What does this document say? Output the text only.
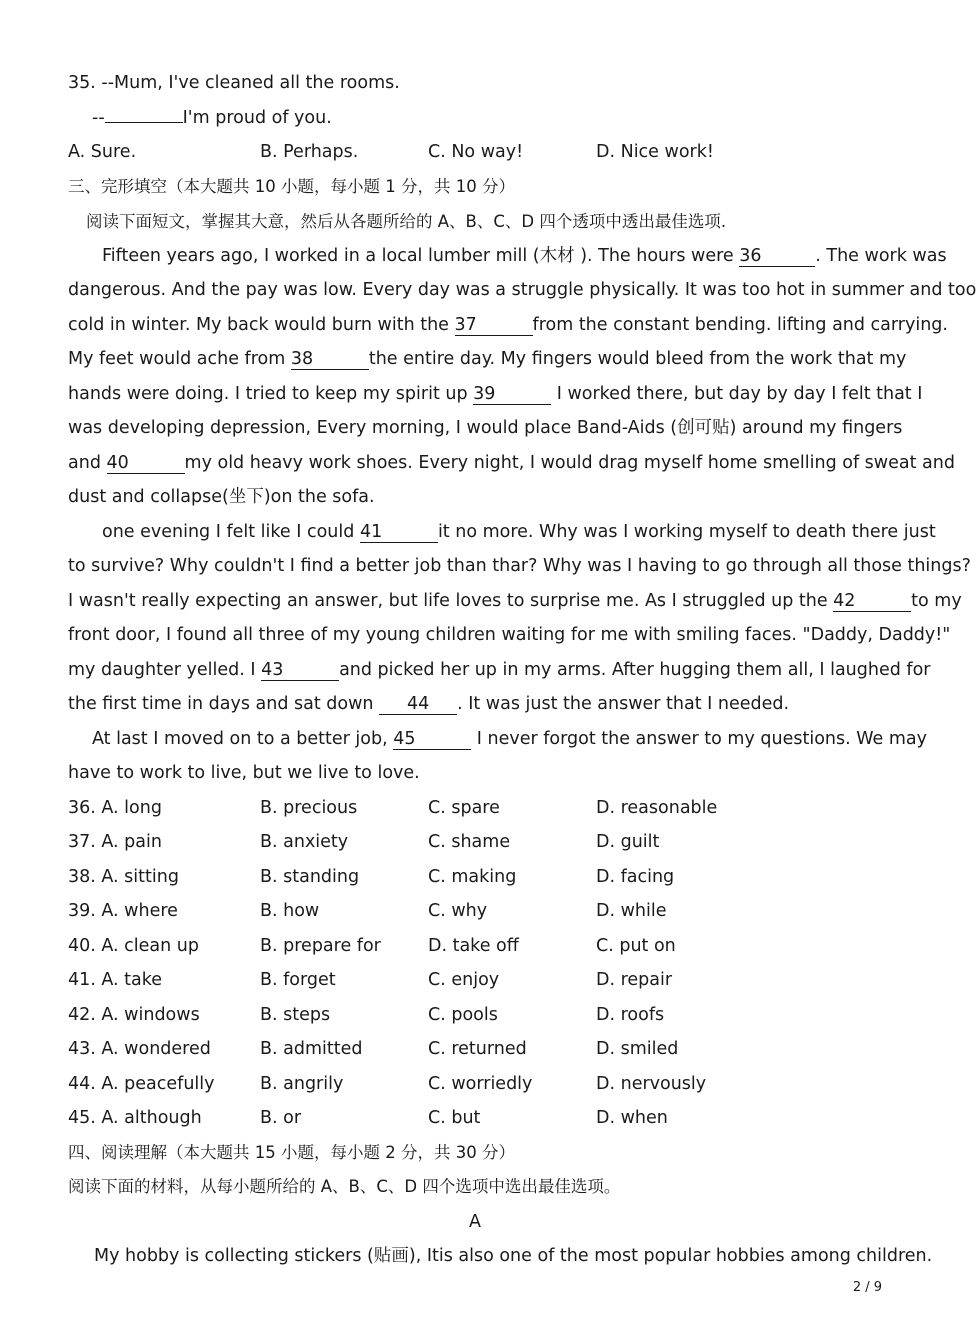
35. --Mum, I've cleaned all the rooms.
--	I'm proud of you.
A. Sure.	B. Perhaps.	C. No way!	D. Nice work!
三、完形填空（本大题共 10 小题，每小题 1 分，共 10 分）
阅读下面短文，掌握其大意，然后从各题所给的 A、B、C、D 四个透项中透出最佳选项.
Fifteen years ago, I worked in a local lumber mill (木材 ). The hours were 36	. The work was
dangerous. And the pay was low. Every day was a struggle physically. It was too hot in summer and too
cold in winter. My back would burn with the 37	from the constant bending. lifting and carrying.
My feet would ache from 38	the entire day. My fingers would bleed from the work that my
hands were doing. I tried to keep my spirit up 39	I worked there, but day by day I felt that I
was developing depression, Every morning, I would place Band-Aids (创可贴) around my fingers
and 40	my old heavy work shoes. Every night, I would drag myself home smelling of sweat and
dust and collapse(坐下)on the sofa.
one evening I felt like I could 41	it no more. Why was I working myself to death there just
to survive? Why couldn't I find a better job than thar? Why was I having to go through all those things?
I wasn't really expecting an answer, but life loves to surprise me. As I struggled up the 42	to my
front door, I found all three of my young children waiting for me with smiling faces. "Daddy, Daddy!"
my daughter yelled. I 43	and picked her up in my arms. After hugging them all, I laughed for
the first time in days and sat down 44 . It was just the answer that I needed.
At last I moved on to a better job, 45	I never forgot the answer to my questions. We may
have to work to live, but we live to love.
36. A. long	B. precious	C. spare	D. reasonable
37. A. pain	B. anxiety	C. shame	D. guilt
38. A. sitting	B. standing	C. making	D. facing
39. A. where	B. how	C. why	D. while
40. A. clean up	B. prepare for	D. take off	C. put on
41. A. take	B. forget	C. enjoy	D. repair
42. A. windows	B. steps	C. pools	D. roofs
43. A. wondered	B. admitted	C. returned	D. smiled
44. A. peacefully	B. angrily	C. worriedly	D. nervously
45. A. although	B. or	C. but	D. when
四、阅读理解（本大题共 15 小题，每小题 2 分，共 30 分）
阅读下面的材料，从每小题所给的 A、B、C、D 四个选项中选出最佳选项。
A
My hobby is collecting stickers (贴画), Itis also one of the most popular hobbies among children.
2 / 9
